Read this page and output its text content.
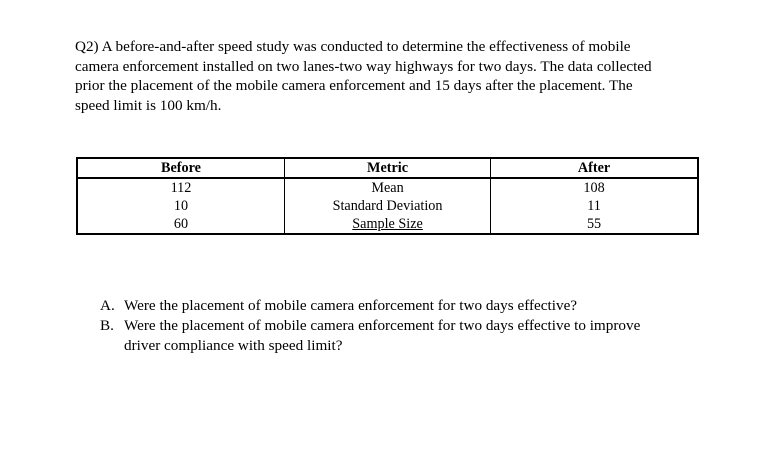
Q2) A before-and-after speed study was conducted to determine the effectiveness of mobile
camera enforcement installed on two lanes-two way highways for two days. The data collected
prior the placement of the mobile camera enforcement and 15 days after the placement. The
speed limit is 100 km/h.

Before	Metric	After
112	Mean	108
10	Standard Deviation	11
60	Sample Size	55
A. Were the placement of mobile camera enforcement for two days effective?
B. Were the placement of mobile camera enforcement for two days effective to improve
driver compliance with speed limit?
